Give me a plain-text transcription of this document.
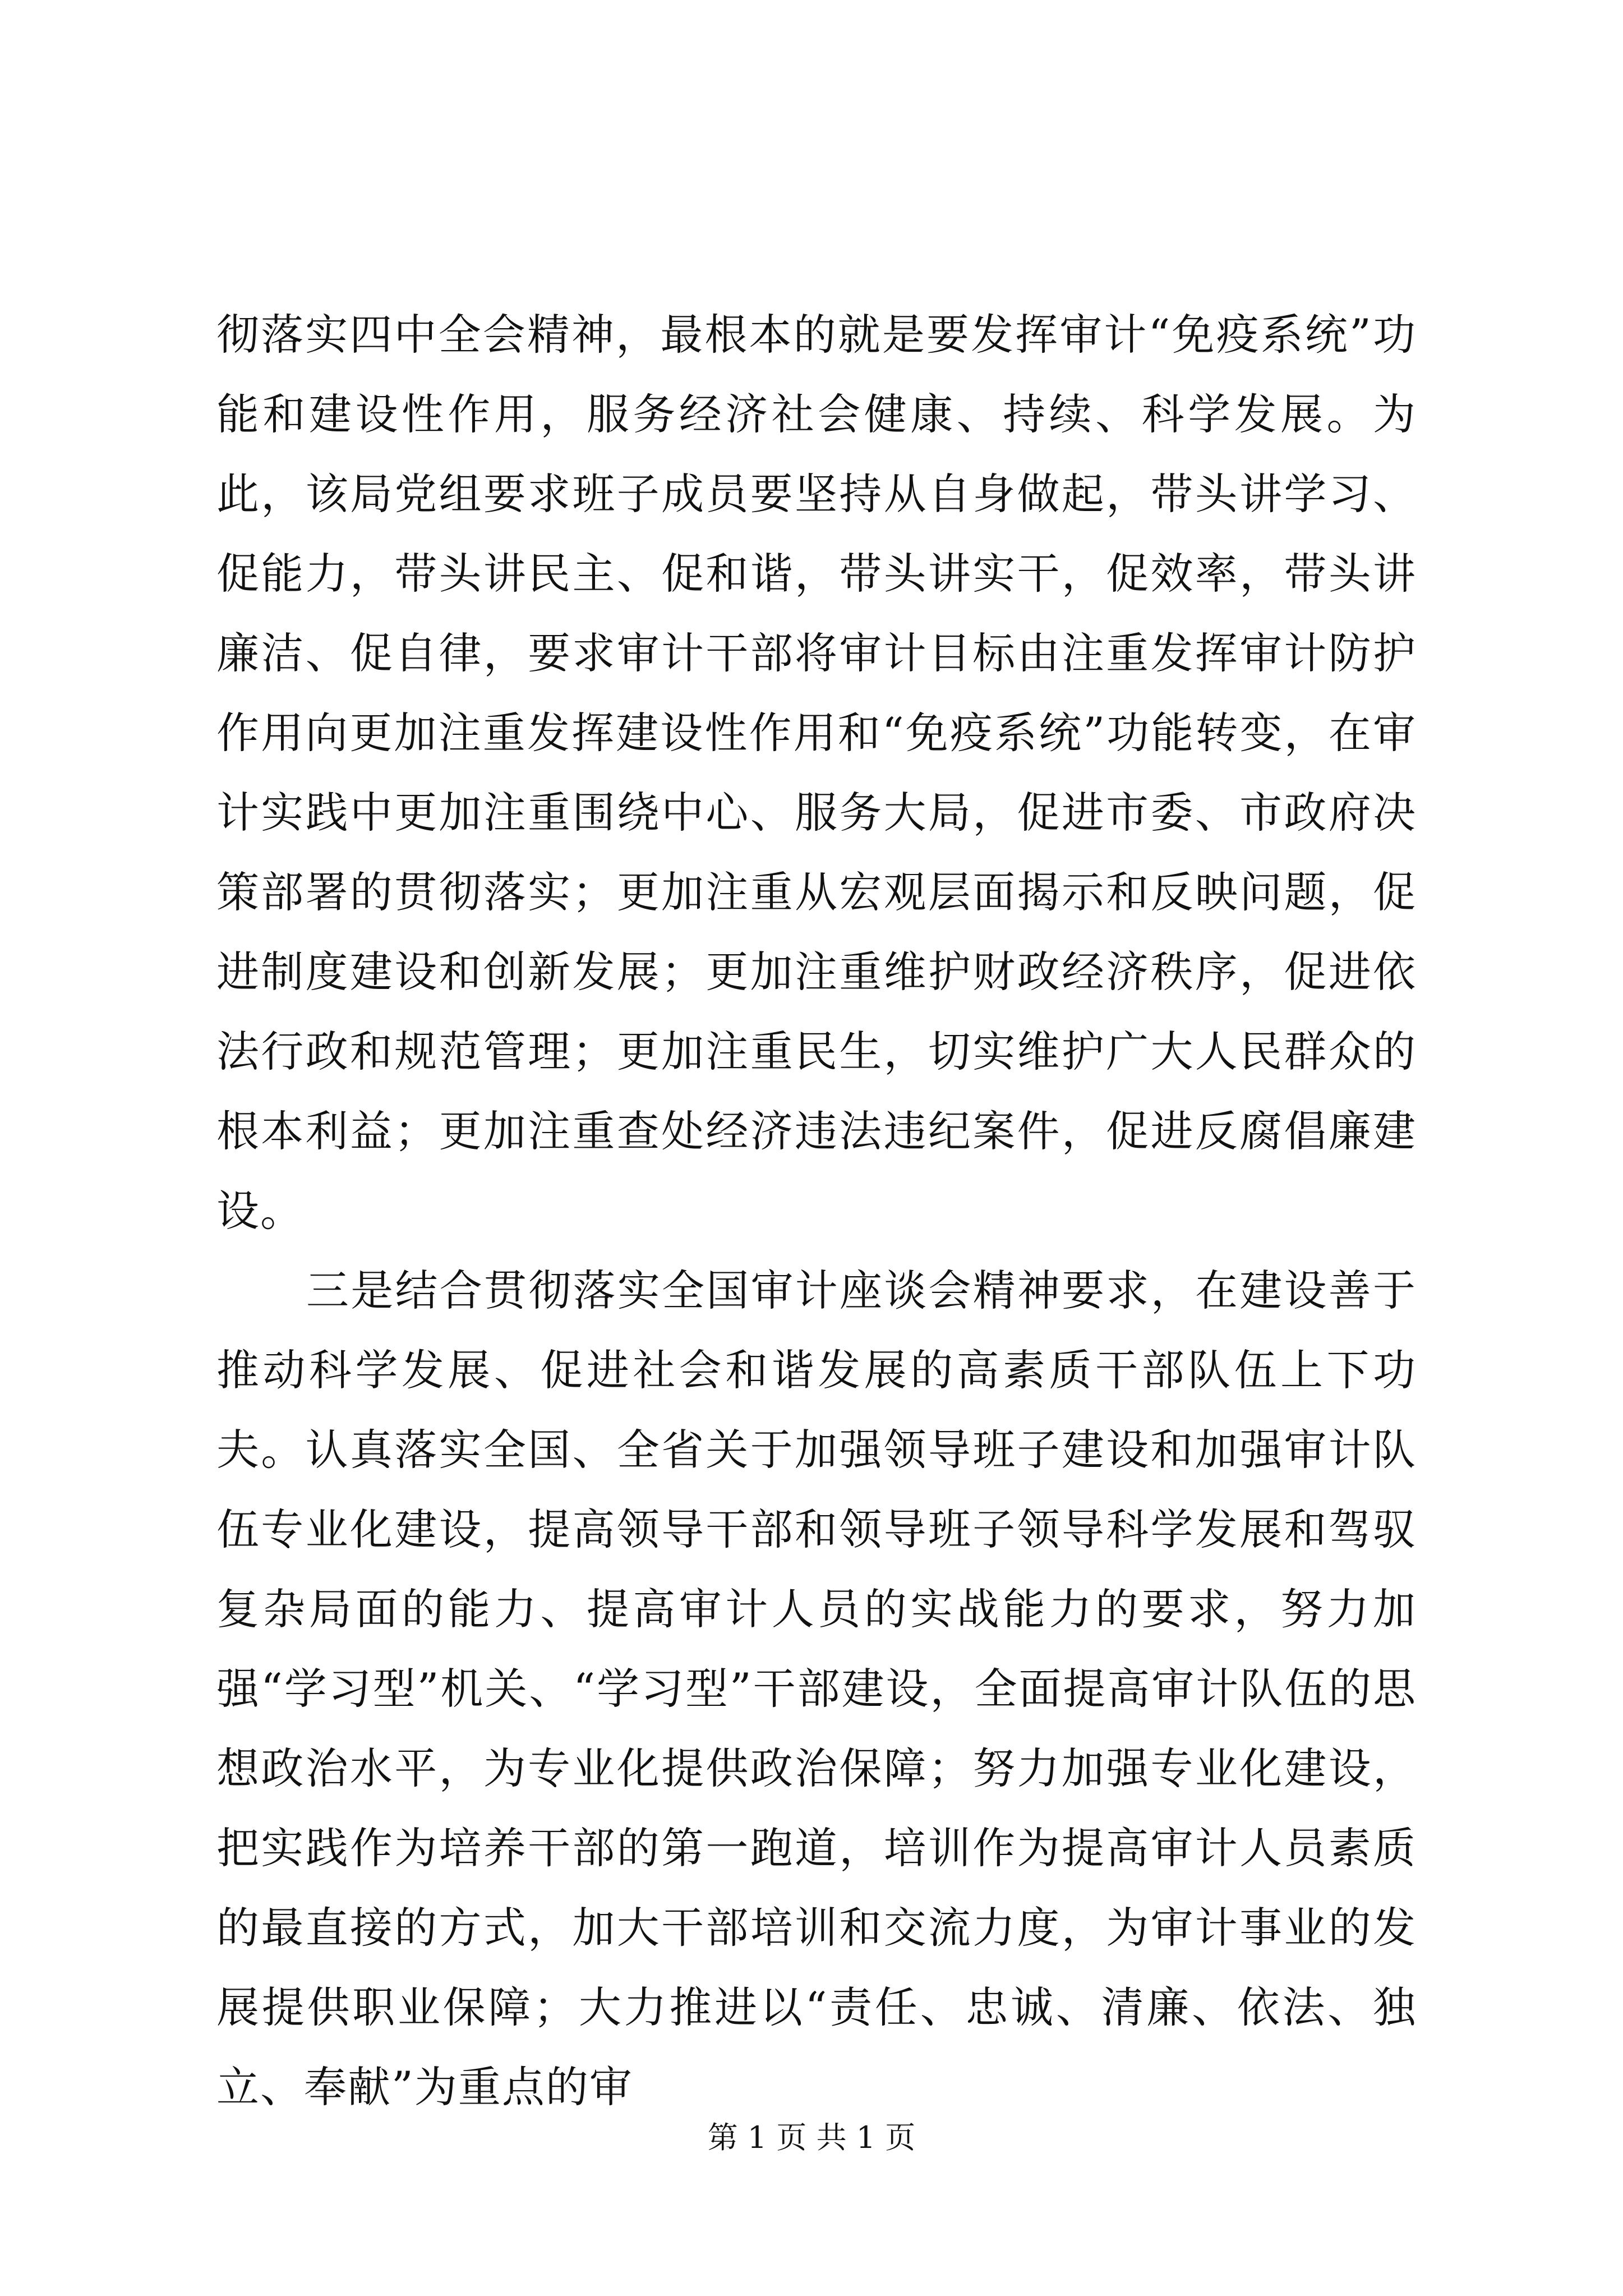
彻落实四中全会精神，最根本的就是要发挥审计“免疫系统”功能和建设性作用，服务经济社会健康、持续、科学发展。为此，该局党组要求班子成员要坚持从自身做起，带头讲学习、促能力，带头讲民主、促和谐，带头讲实干，促效率，带头讲廉洁、促自律，要求审计干部将审计目标由注重发挥审计防护作用向更加注重发挥建设性作用和“免疫系统”功能转变，在审计实践中更加注重围绕中心、服务大局，促进市委、市政府决策部署的贯彻落实；更加注重从宏观层面揭示和反映问题，促进制度建设和创新发展；更加注重维护财政经济秩序，促进依法行政和规范管理；更加注重民生，切实维护广大人民群众的根本利益；更加注重查处经济违法违纪案件，促进反腐倡廉建设。

三是结合贯彻落实全国审计座谈会精神要求，在建设善于推动科学发展、促进社会和谐发展的高素质干部队伍上下功夫。认真落实全国、全省关于加强领导班子建设和加强审计队伍专业化建设，提高领导干部和领导班子领导科学发展和驾驭复杂局面的能力、提高审计人员的实战能力的要求，努力加强“学习型”机关、“学习型”干部建设，全面提高审计队伍的思想政治水平，为专业化提供政治保障；努力加强专业化建设，把实践作为培养干部的第一跑道，培训作为提高审计人员素质的最直接的方式，加大干部培训和交流力度，为审计事业的发展提供职业保障；大力推进以“责任、忠诚、清廉、依法、独立、奉献”为重点的审

第 1 页 共 1 页
